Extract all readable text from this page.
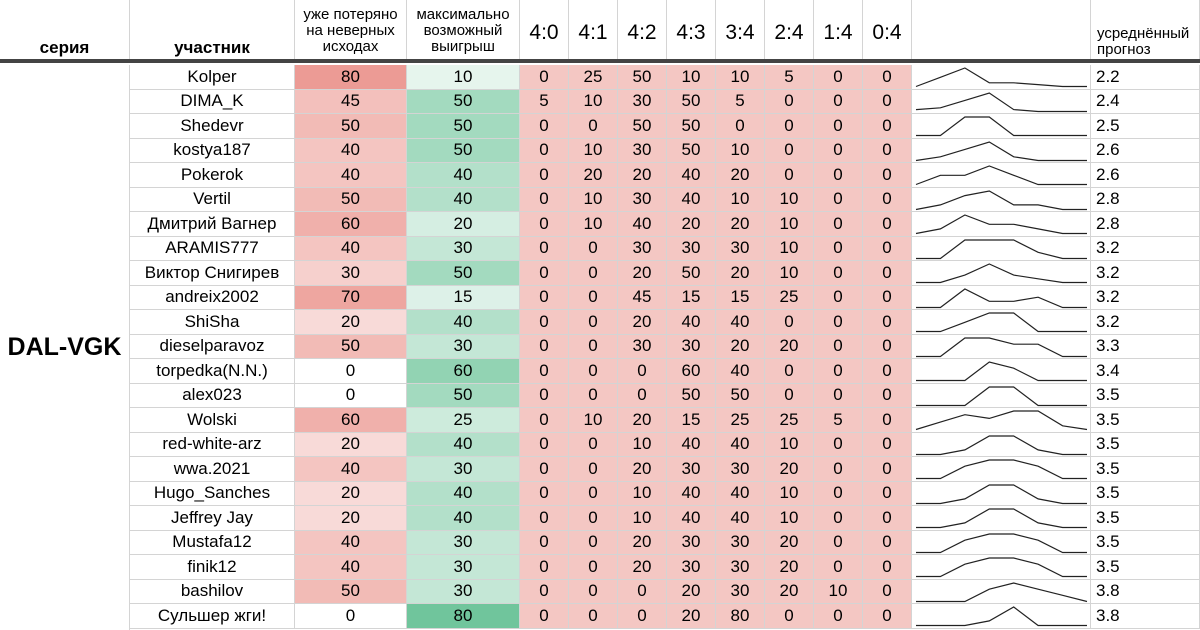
серия	участник
уже потеряно
на неверных
исходах
максимально
возможный
выигрыш
4:0 4:1 4:2 4:3 3:4 2:4 1:4 0:4	усреднённый
прогноз
DAL-VGK
Kolper	80	10	0	25	50	10	10	5	0	0	2.2
DIMA_K	45	50	5	10	30	50	5	0	0	0	2.4
Shedevr	50	50	0	0	50	50	0	0	0	0	2.5
kostya187	40	50	0	10	30	50	10	0	0	0	2.6
Pokerok	40	40	0	20	20	40	20	0	0	0	2.6
Vertil	50	40	0	10	30	40	10	10	0	0	2.8
Дмитрий Вагнер	60	20	0	10	40	20	20	10	0	0	2.8
ARAMIS777	40	30	0	0	30	30	30	10	0	0	3.2
Виктор Снигирев	30	50	0	0	20	50	20	10	0	0	3.2
andreix2002	70	15	0	0	45	15	15	25	0	0	3.2
ShiSha	20	40	0	0	20	40	40	0	0	0	3.2
dieselparavoz	50	30	0	0	30	30	20	20	0	0	3.3
torpedka(N.N.)	0	60	0	0	0	60	40	0	0	0	3.4
alex023	0	50	0	0	0	50	50	0	0	0	3.5
Wolski	60	25	0	10	20	15	25	25	5	0	3.5
red-white-arz	20	40	0	0	10	40	40	10	0	0	3.5
wwa.2021	40	30	0	0	20	30	30	20	0	0	3.5
Hugo_Sanches	20	40	0	0	10	40	40	10	0	0	3.5
Jeffrey Jay	20	40	0	0	10	40	40	10	0	0	3.5
Mustafa12	40	30	0	0	20	30	30	20	0	0	3.5
finik12	40	30	0	0	20	30	30	20	0	0	3.5
bashilov	50	30	0	0	0	20	30	20	10	0	3.8
Сульшер жги!	0	80	0	0	0	20	80	0	0	0	3.8
